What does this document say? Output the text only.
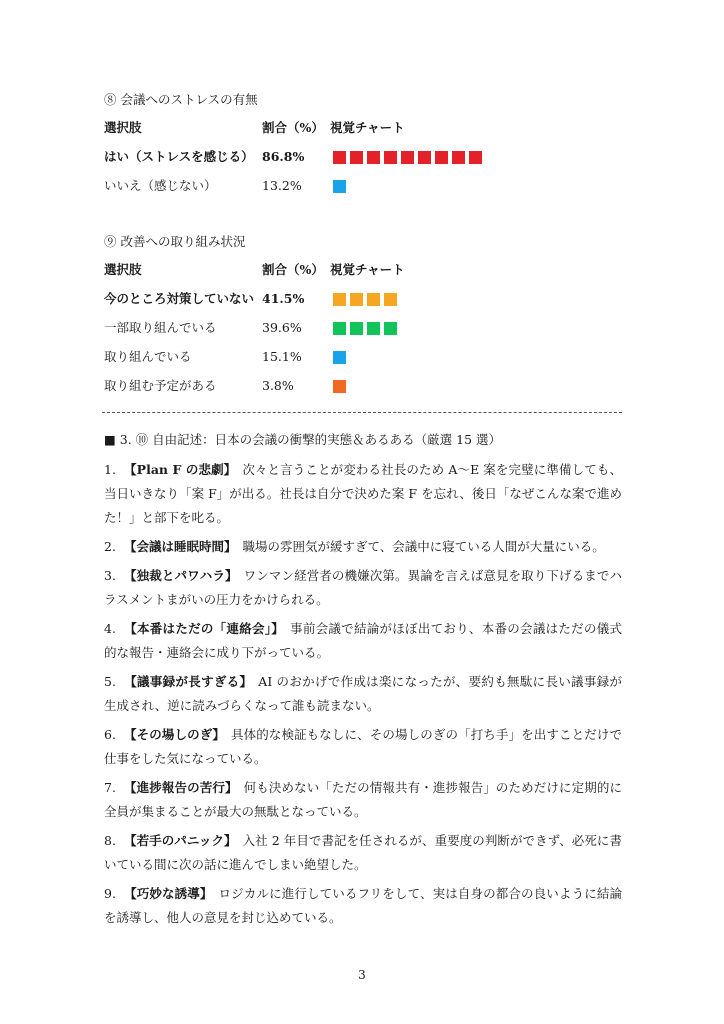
⑧ 会議へのストレスの有無
選択肢	割合（%） 視覚チャート
はい（ストレスを感じる） 86.8%
いいえ（感じない）	13.2%
⑨ 改善への取り組み状況
選択肢	割合（%） 視覚チャート
今のところ対策していない 41.5%
一部取り組んでいる	39.6%
取り組んでいる	15.1%
取り組む予定がある	3.8%
■ 3. ⑩ 自由記述：日本の会議の衝撃的実態＆あるある（厳選 15 選）
1. 【Plan F の悲劇】 次々と言うことが変わる社長のため A〜E 案を完璧に準備しても、当日いきなり「案 F」が出る。社長は自分で決めた案 F を忘れ、後日「なぜこんな案で進めた！」と部下を叱る。
2. 【会議は睡眠時間】 職場の雰囲気が緩すぎて、会議中に寝ている人間が大量にいる。
3. 【独裁とパワハラ】 ワンマン経営者の機嫌次第。異論を言えば意見を取り下げるまでハラスメントまがいの圧力をかけられる。
4. 【本番はただの「連絡会」】 事前会議で結論がほぼ出ており、本番の会議はただの儀式的な報告・連絡会に成り下がっている。
5. 【議事録が長すぎる】 AI のおかげで作成は楽になったが、要約も無駄に長い議事録が生成され、逆に読みづらくなって誰も読まない。
6. 【その場しのぎ】 具体的な検証もなしに、その場しのぎの「打ち手」を出すことだけで仕事をした気になっている。
7. 【進捗報告の苦行】 何も決めない「ただの情報共有・進捗報告」のためだけに定期的に全員が集まることが最大の無駄となっている。
8. 【若手のパニック】 入社 2 年目で書記を任されるが、重要度の判断ができず、必死に書いている間に次の話に進んでしまい絶望した。
9. 【巧妙な誘導】 ロジカルに進行しているフリをして、実は自身の都合の良いように結論を誘導し、他人の意見を封じ込めている。
3
